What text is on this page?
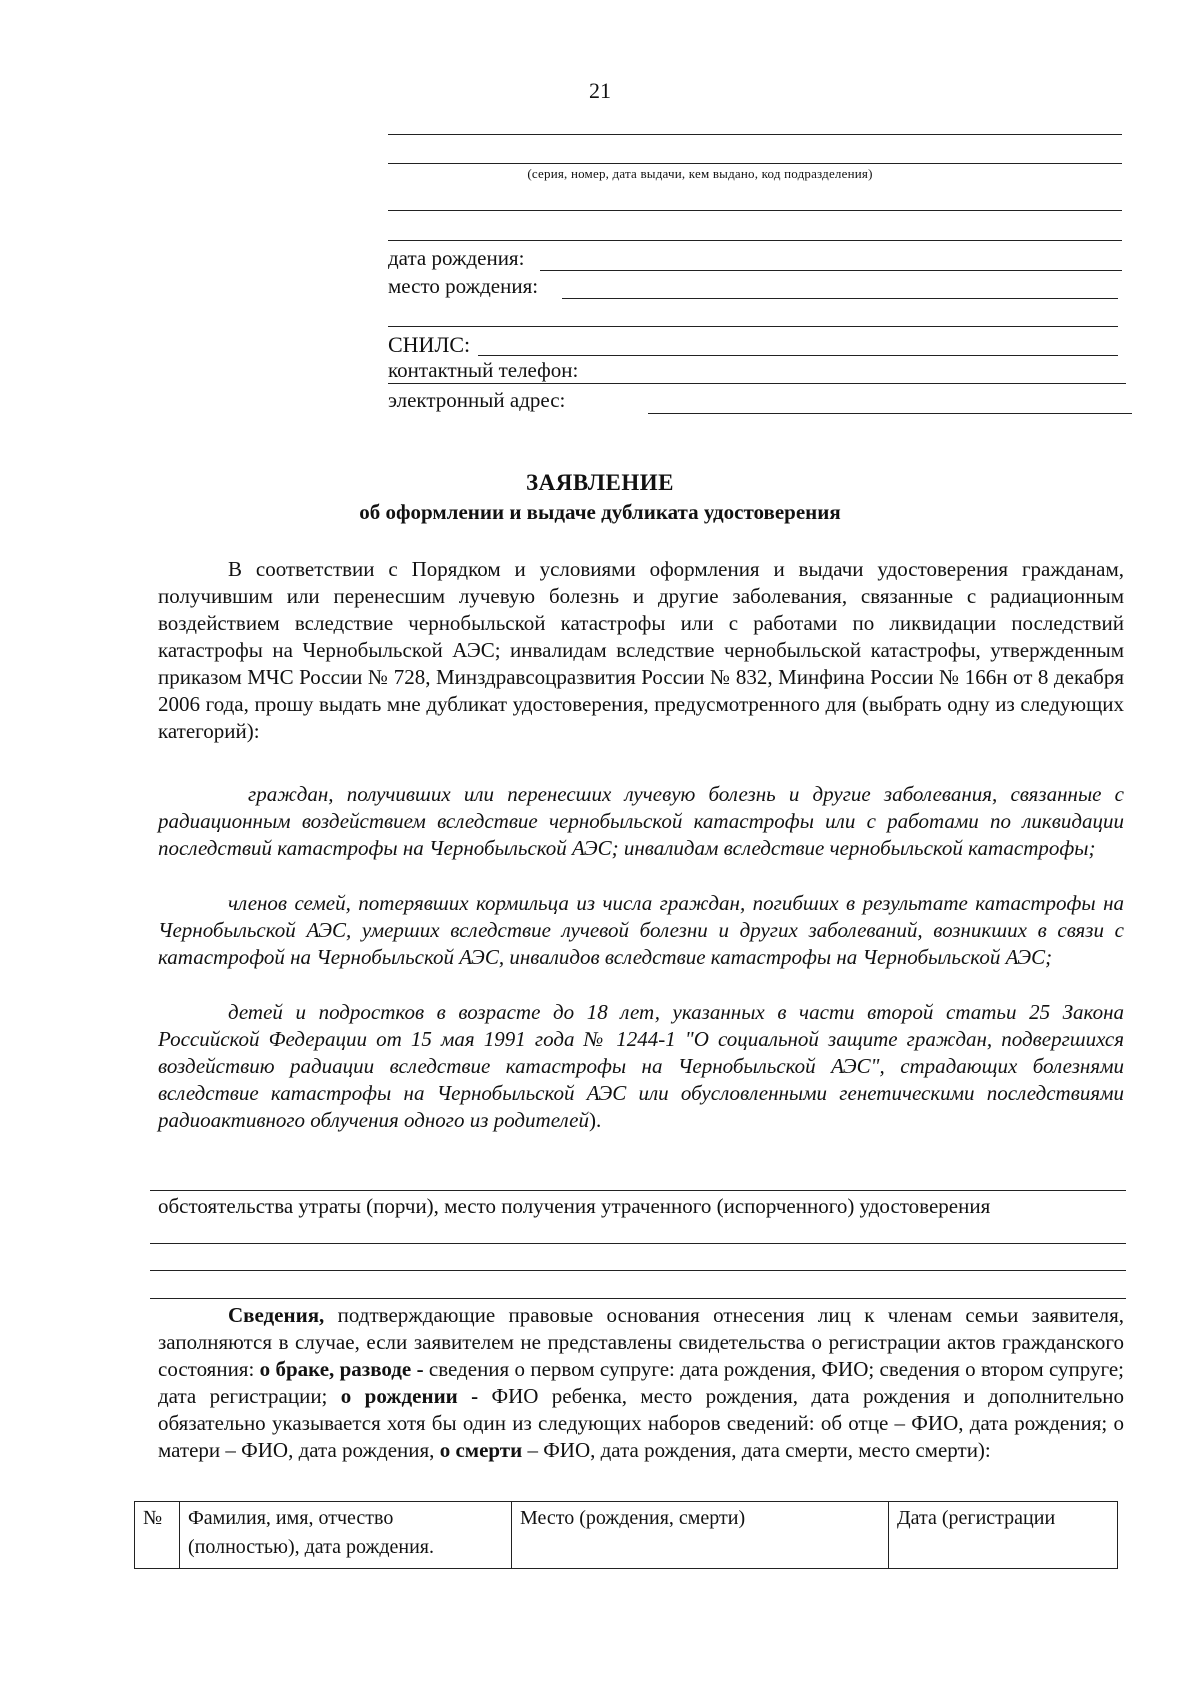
21
(серия, номер, дата выдачи, кем выдано, код подразделения)
дата рождения:
место рождения:
СНИЛС:
контактный телефон:
электронный адрес:
ЗАЯВЛЕНИЕ
об оформлении и выдаче дубликата удостоверения
В соответствии с Порядком и условиями оформления и выдачи удостоверения гражданам, получившим или перенесшим лучевую болезнь и другие заболевания, связанные с радиационным воздействием вследствие чернобыльской катастрофы или с работами по ликвидации последствий катастрофы на Чернобыльской АЭС; инвалидам вследствие чернобыльской катастрофы, утвержденным приказом МЧС России № 728, Минздравсоцразвития России № 832, Минфина России № 166н от 8 декабря 2006 года, прошу выдать мне дубликат удостоверения, предусмотренного для (выбрать одну из следующих категорий):
граждан, получивших или перенесших лучевую болезнь и другие заболевания, связанные с радиационным воздействием вследствие чернобыльской катастрофы или с работами по ликвидации последствий катастрофы на Чернобыльской АЭС; инвалидам вследствие чернобыльской катастрофы;
членов семей, потерявших кормильца из числа граждан, погибших в результате катастрофы на Чернобыльской АЭС, умерших вследствие лучевой болезни и других заболеваний, возникших в связи с катастрофой на Чернобыльской АЭС, инвалидов вследствие катастрофы на Чернобыльской АЭС;
детей и подростков в возрасте до 18 лет, указанных в части второй статьи 25 Закона Российской Федерации от 15 мая 1991 года № 1244-1 "О социальной защите граждан, подвергшихся воздействию радиации вследствие катастрофы на Чернобыльской АЭС", страдающих болезнями вследствие катастрофы на Чернобыльской АЭС или обусловленными генетическими последствиями радиоактивного облучения одного из родителей).
обстоятельства утраты (порчи), место получения утраченного (испорченного) удостоверения
Сведения, подтверждающие правовые основания отнесения лиц к членам семьи заявителя, заполняются в случае, если заявителем не представлены свидетельства о регистрации актов гражданского состояния: о браке, разводе - сведения о первом супруге: дата рождения, ФИО; сведения о втором супруге; дата регистрации; о рождении - ФИО ребенка, место рождения, дата рождения и дополнительно обязательно указывается хотя бы один из следующих наборов сведений: об отце – ФИО, дата рождения; о матери – ФИО, дата рождения, о смерти – ФИО, дата рождения, дата смерти, место смерти):
№	Фамилия, имя, отчество (полностью), дата рождения.	Место (рождения, смерти)	Дата (регистрации
